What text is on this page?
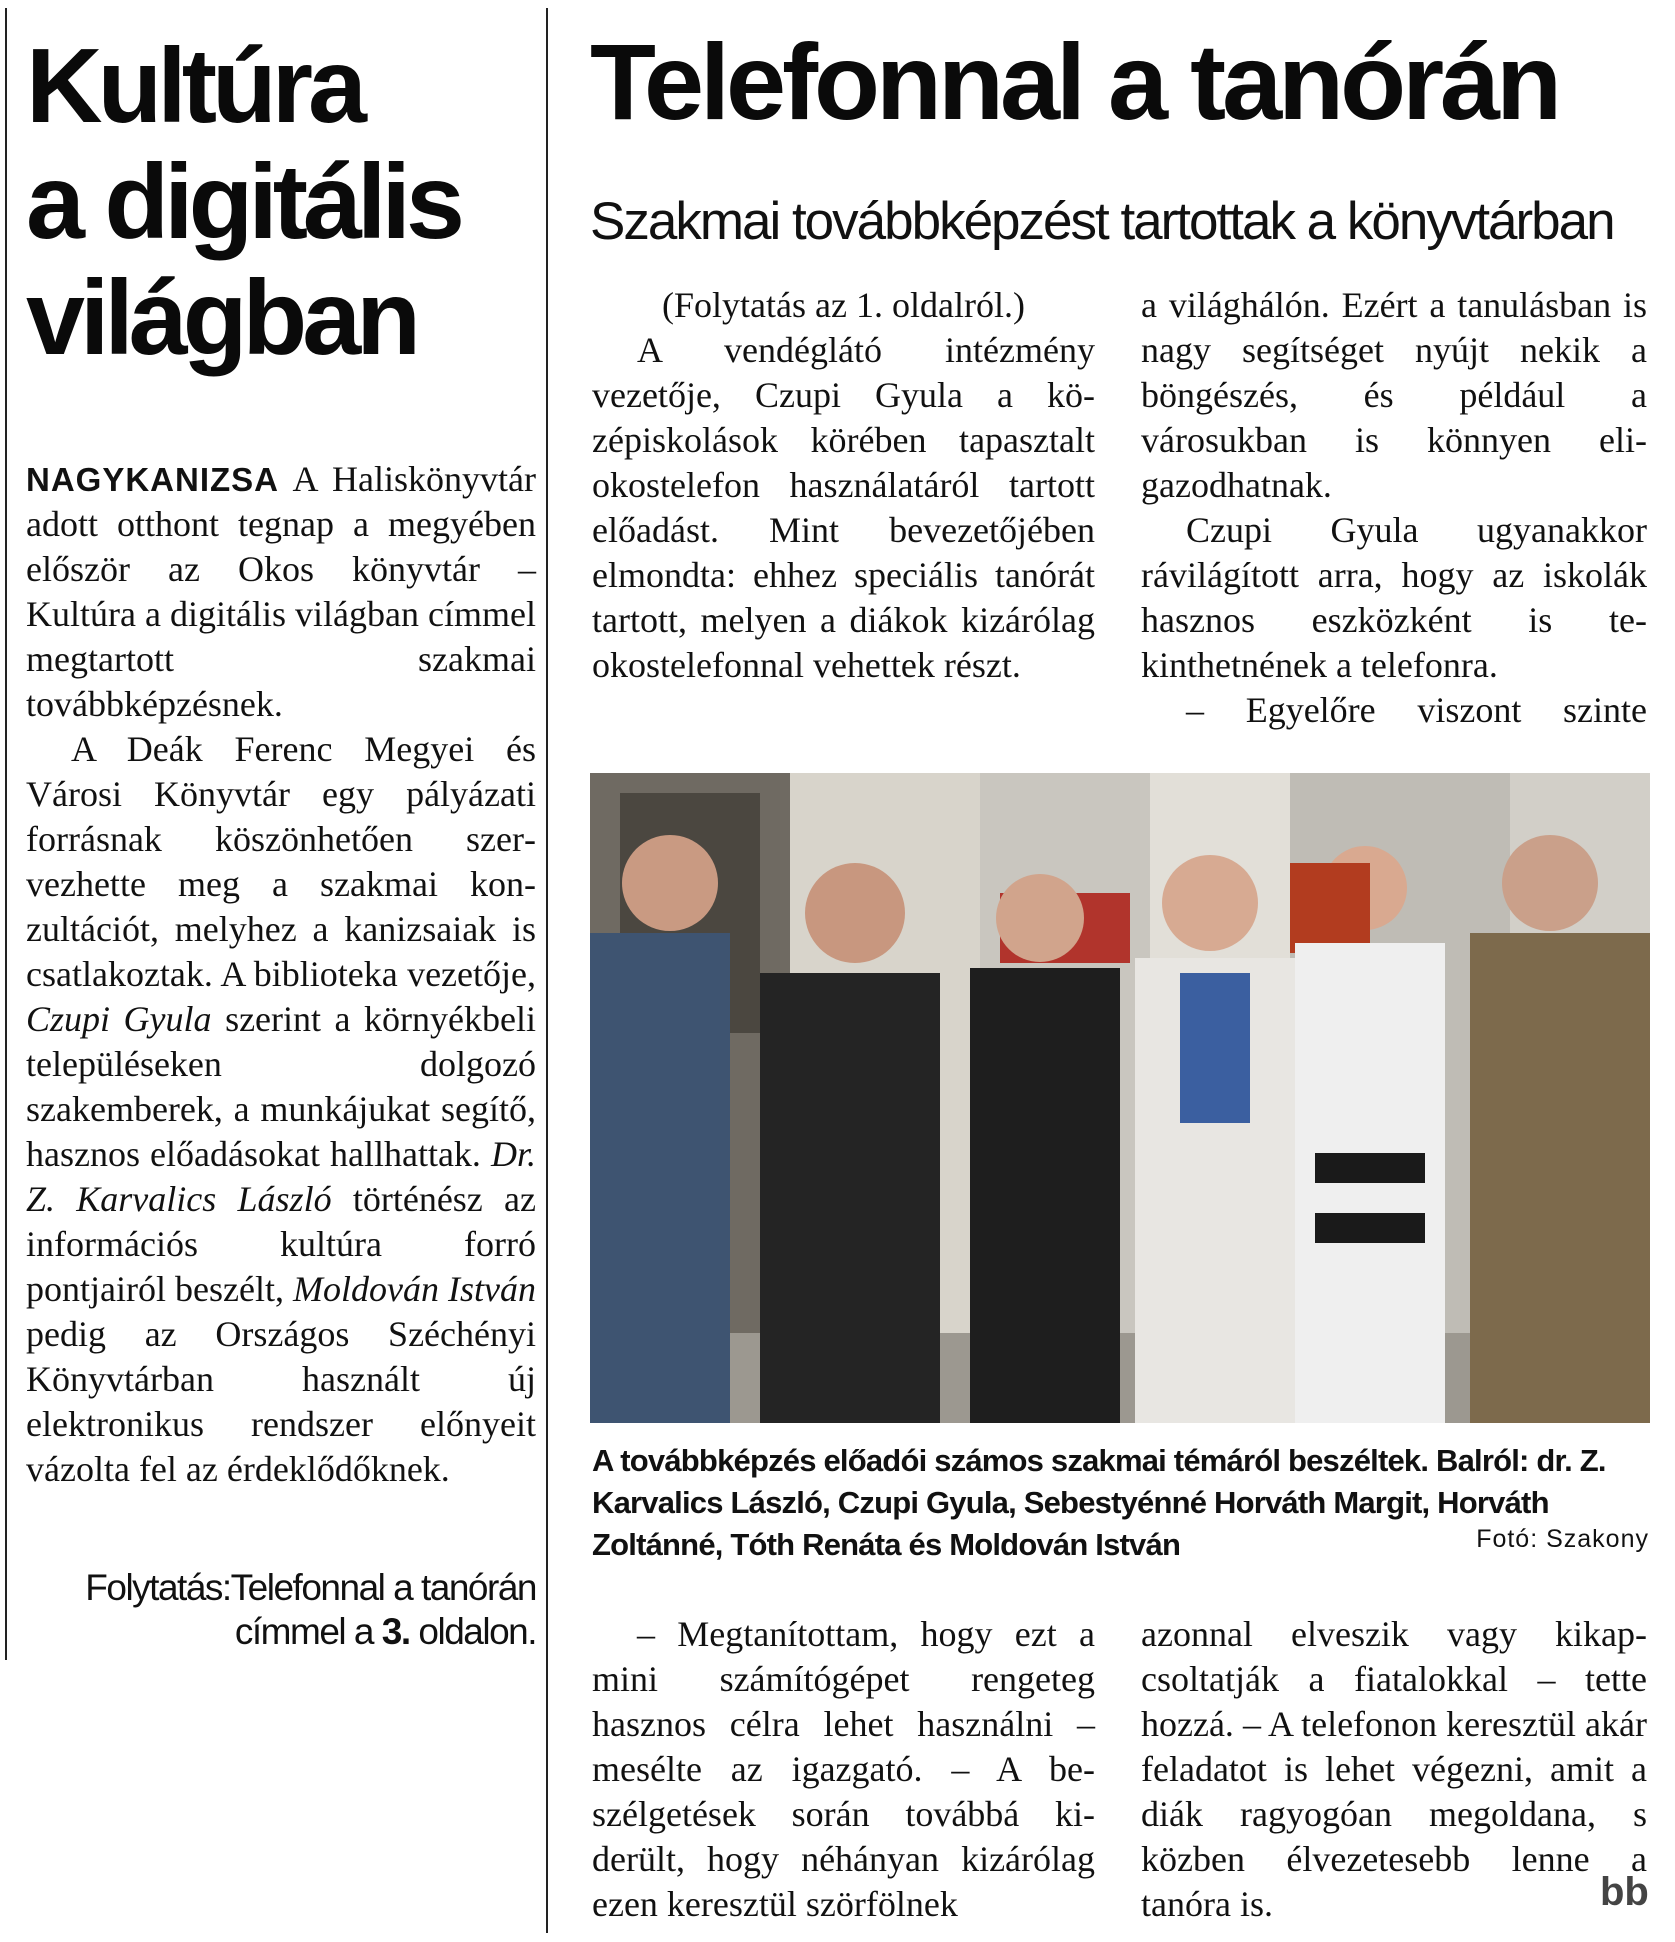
Kultúra
a digitális
világban

NAGYKANIZSA A Haliskönyvtár adott otthont tegnap a megyében először az Okos könyvtár – Kultúra a digitális világban címmel megtartott szakmai továbbképzésnek.

A Deák Ferenc Megyei és Városi Könyvtár egy pályázati forrásnak köszönhetően szervezhette meg a szakmai konzultációt, melyhez a kanizsaiak is csatlakoztak. A biblioteka vezetője, Czupi Gyula szerint a környékbeli településeken dolgozó szakemberek, a munkájukat segítő, hasznos előadásokat hallhattak. Dr. Z. Karvalics László történész az információs kultúra forró pontjairól beszélt, Moldován István pedig az Országos Széchényi Könyvtárban használt új elektronikus rendszer előnyeit vázolta fel az érdeklődőknek.

Folytatás:Telefonnal a tanórán címmel a 3. oldalon.
Telefonnal a tanórán
Szakmai továbbképzést tartottak a könyvtárban

(Folytatás az 1. oldalról.)

A vendéglátó intézmény vezetője, Czupi Gyula a középiskolások körében tapasztalt okostelefon használatáról tartott előadást. Mint bevezetőjében elmondta: ehhez speciális tanórát tartott, melyen a diákok kizárólag okostelefonnal vehettek részt.

a világhálón. Ezért a tanulásban is nagy segítséget nyújt nekik a böngészés, és például a városukban is könnyen eligazodhatnak.

Czupi Gyula ugyanakkor rávilágított arra, hogy az iskolák hasznos eszközként is tekinthetnének a telefonra.

– Egyelőre viszont szinte

A továbbképzés előadói számos szakmai témáról beszéltek. Balról: dr. Z. Karvalics László, Czupi Gyula, Sebestyénné Horváth Margit, Horváth Zoltánné, Tóth Renáta és Moldován István	Fotó: Szakony

– Megtanítottam, hogy ezt a mini számítógépet rengeteg hasznos célra lehet használni – mesélte az igazgató. – A beszélgetések során továbbá kiderült, hogy néhányan kizárólag ezen keresztül szörfölnek

azonnal elveszik vagy kikapcsoltatják a fiatalokkal – tette hozzá. – A telefonon keresztül akár feladatot is lehet végezni, amit a diák ragyogóan megoldana, s közben élvezetesebb lenne a tanóra is.	bb
